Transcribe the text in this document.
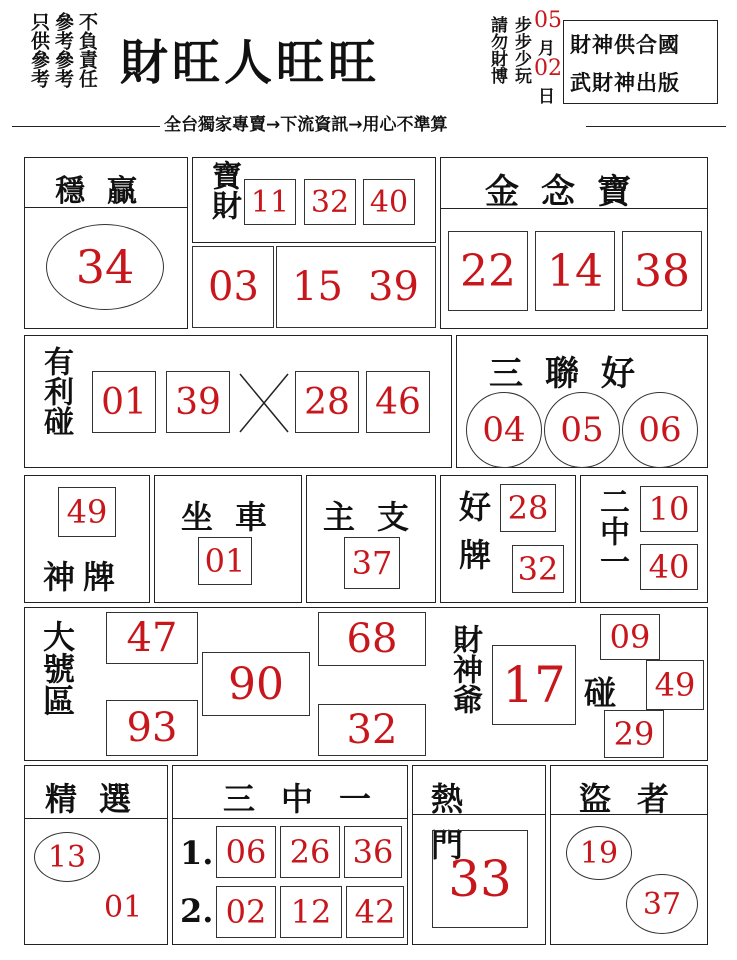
只供參考 參考參考 不負責任 財旺人旺旺	請勿財博 步步少玩 05
月
02
日
財神供合國
武財神出版
全台獨家專賣→下流資訊→用心不準算
穩贏
34
寶財 11 32 40
03 15 39
金念寶
22 14 38
有利碰 01 39 28 46
三聯好
04	05	06
神牌
49 坐車
01
主支
37 好牌 28
32 二中一 10
40
大號區	47
93
90
68
32
財神爺 17 碰
09
49
29
精選
13
01
三中一
1. 06 26 36
2. 02 12 42
熱門
33
盜者
19
37
